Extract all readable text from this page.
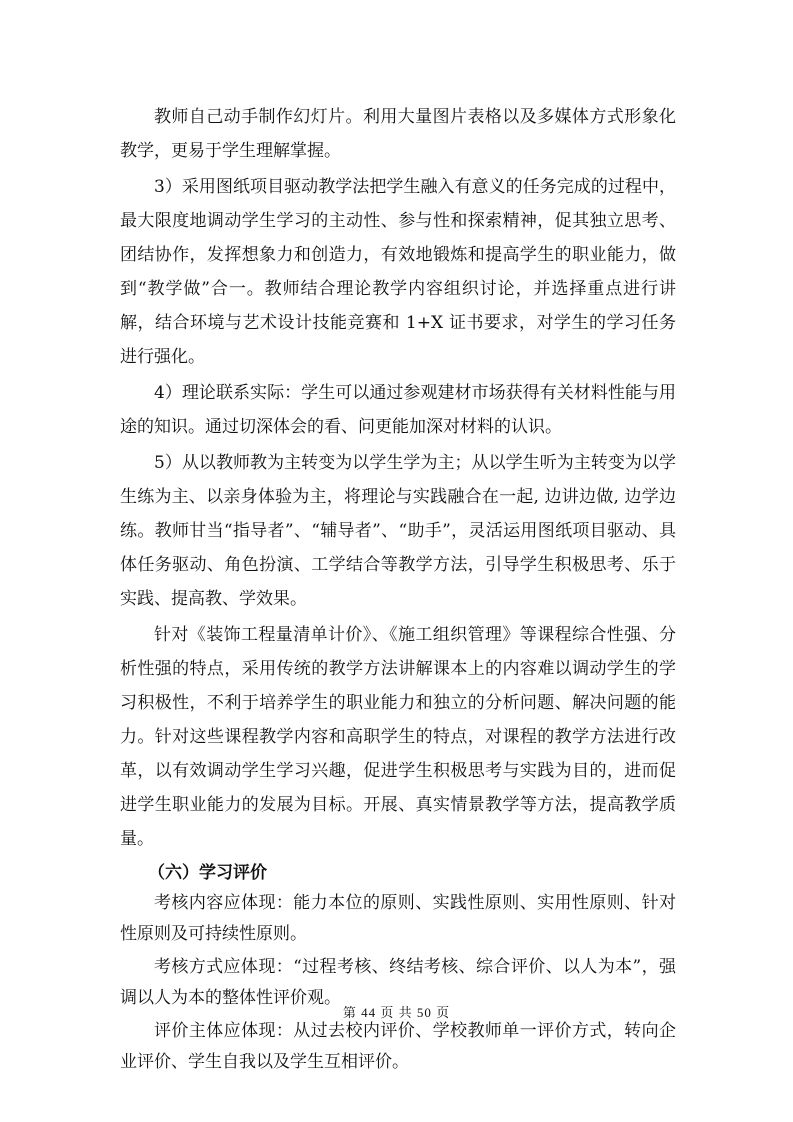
教师自己动手制作幻灯片。利用大量图片表格以及多媒体方式形象化教学，更易于学生理解掌握。

3）采用图纸项目驱动教学法把学生融入有意义的任务完成的过程中，最大限度地调动学生学习的主动性、参与性和探索精神，促其独立思考、团结协作，发挥想象力和创造力，有效地锻炼和提高学生的职业能力，做到“教学做”合一。教师结合理论教学内容组织讨论，并选择重点进行讲解，结合环境与艺术设计技能竞赛和 1+X 证书要求，对学生的学习任务进行强化。

4）理论联系实际：学生可以通过参观建材市场获得有关材料性能与用途的知识。通过切深体会的看、问更能加深对材料的认识。

5）从以教师教为主转变为以学生学为主；从以学生听为主转变为以学生练为主、以亲身体验为主，将理论与实践融合在一起, 边讲边做, 边学边练。教师甘当“指导者”、“辅导者”、“助手”，灵活运用图纸项目驱动、具体任务驱动、角色扮演、工学结合等教学方法，引导学生积极思考、乐于实践、提高教、学效果。

针对《装饰工程量清单计价》、《施工组织管理》等课程综合性强、分析性强的特点，采用传统的教学方法讲解课本上的内容难以调动学生的学习积极性，不利于培养学生的职业能力和独立的分析问题、解决问题的能力。针对这些课程教学内容和高职学生的特点，对课程的教学方法进行改革，以有效调动学生学习兴趣，促进学生积极思考与实践为目的，进而促进学生职业能力的发展为目标。开展、真实情景教学等方法，提高教学质量。

（六）学习评价

考核内容应体现：能力本位的原则、实践性原则、实用性原则、针对性原则及可持续性原则。

考核方式应体现：“过程考核、终结考核、综合评价、以人为本”，强调以人为本的整体性评价观。

评价主体应体现：从过去校内评价、学校教师单一评价方式，转向企业评价、学生自我以及学生互相评价。

第 44 页 共 50 页
